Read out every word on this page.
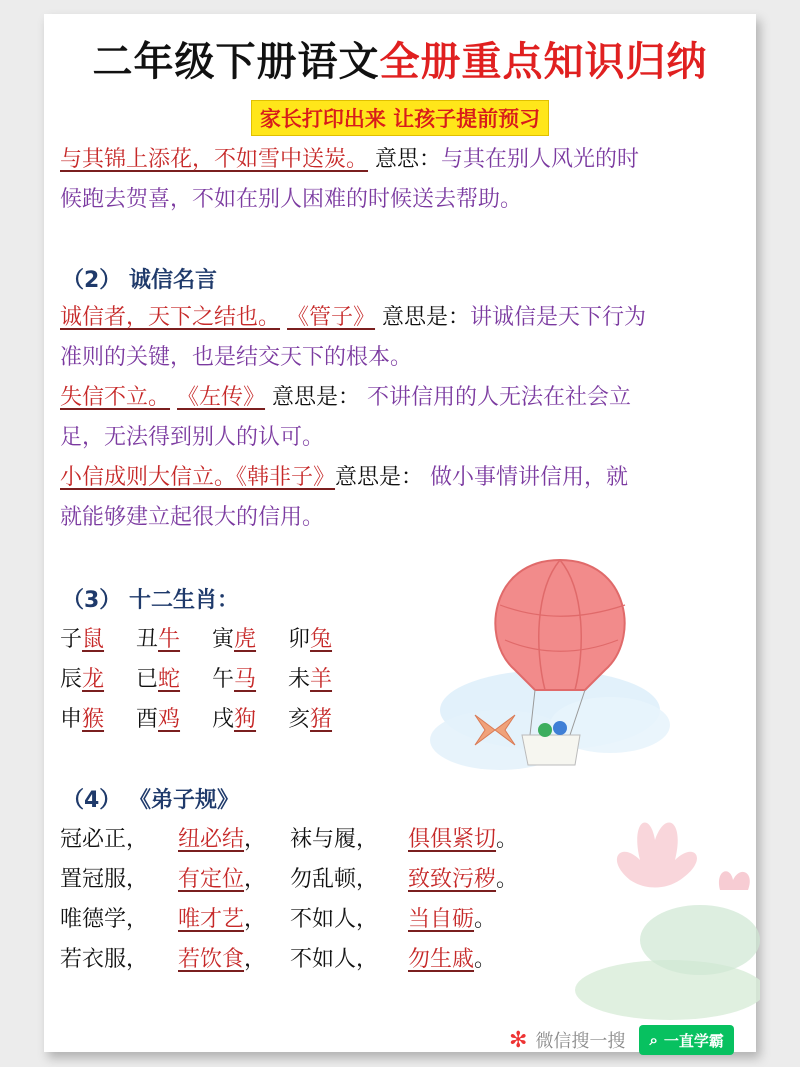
二年级下册语文全册重点知识归纳
家长打印出来 让孩子提前预习
与其锦上添花，不如雪中送炭。 意思：与其在别人风光的时
候跑去贺喜，不如在别人困难的时候送去帮助。
（2） 诚信名言
诚信者，天下之结也。 《管子》 意思是：讲诚信是天下行为
准则的关键，也是结交天下的根本。
失信不立。 《左传》 意思是： 不讲信用的人无法在社会立
足，无法得到别人的认可。
小信成则大信立。《韩非子》意思是： 做小事情讲信用，就
就能够建立起很大的信用。
（3） 十二生肖：
子鼠 丑牛 寅虎 卯兔
辰龙 已蛇 午马 未羊
申猴 酉鸡 戌狗 亥猪
（4） 《弟子规》
冠必正， 纽必结， 袜与履， 俱俱紧切。
置冠服， 有定位， 勿乱顿， 致致污秽。
唯德学， 唯才艺， 不如人， 当自砺。
若衣服， 若饮食， 不如人， 勿生戚。
✻ 微信搜一搜 ⌕ 一直学霸
